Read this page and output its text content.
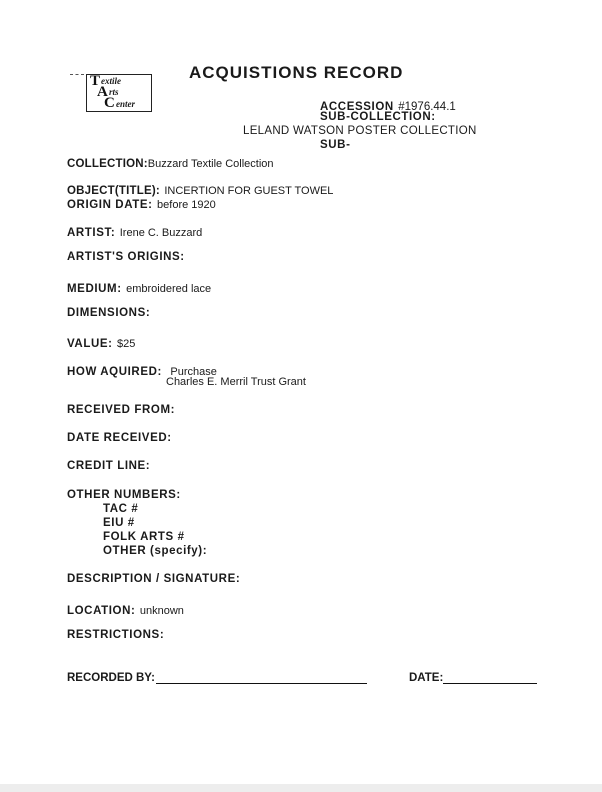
T extile
A rts
C enter
ACQUISTIONS RECORD
ACCESSION #1976.44.1
SUB-COLLECTION:
LELAND WATSON POSTER COLLECTION
SUB-
COLLECTION:Buzzard Textile Collection
OBJECT(TITLE): INCERTION FOR GUEST TOWEL
ORIGIN DATE: before 1920
ARTIST: Irene C. Buzzard
ARTIST'S ORIGINS:
MEDIUM: embroidered lace
DIMENSIONS:
VALUE: $25
HOW AQUIRED: Purchase
Charles E. Merril Trust Grant
RECEIVED FROM:
DATE RECEIVED:
CREDIT LINE:
OTHER NUMBERS:
TAC #
EIU #
FOLK ARTS #
OTHER (specify):
DESCRIPTION / SIGNATURE:
LOCATION: unknown
RESTRICTIONS:
RECORDED BY:	DATE:
